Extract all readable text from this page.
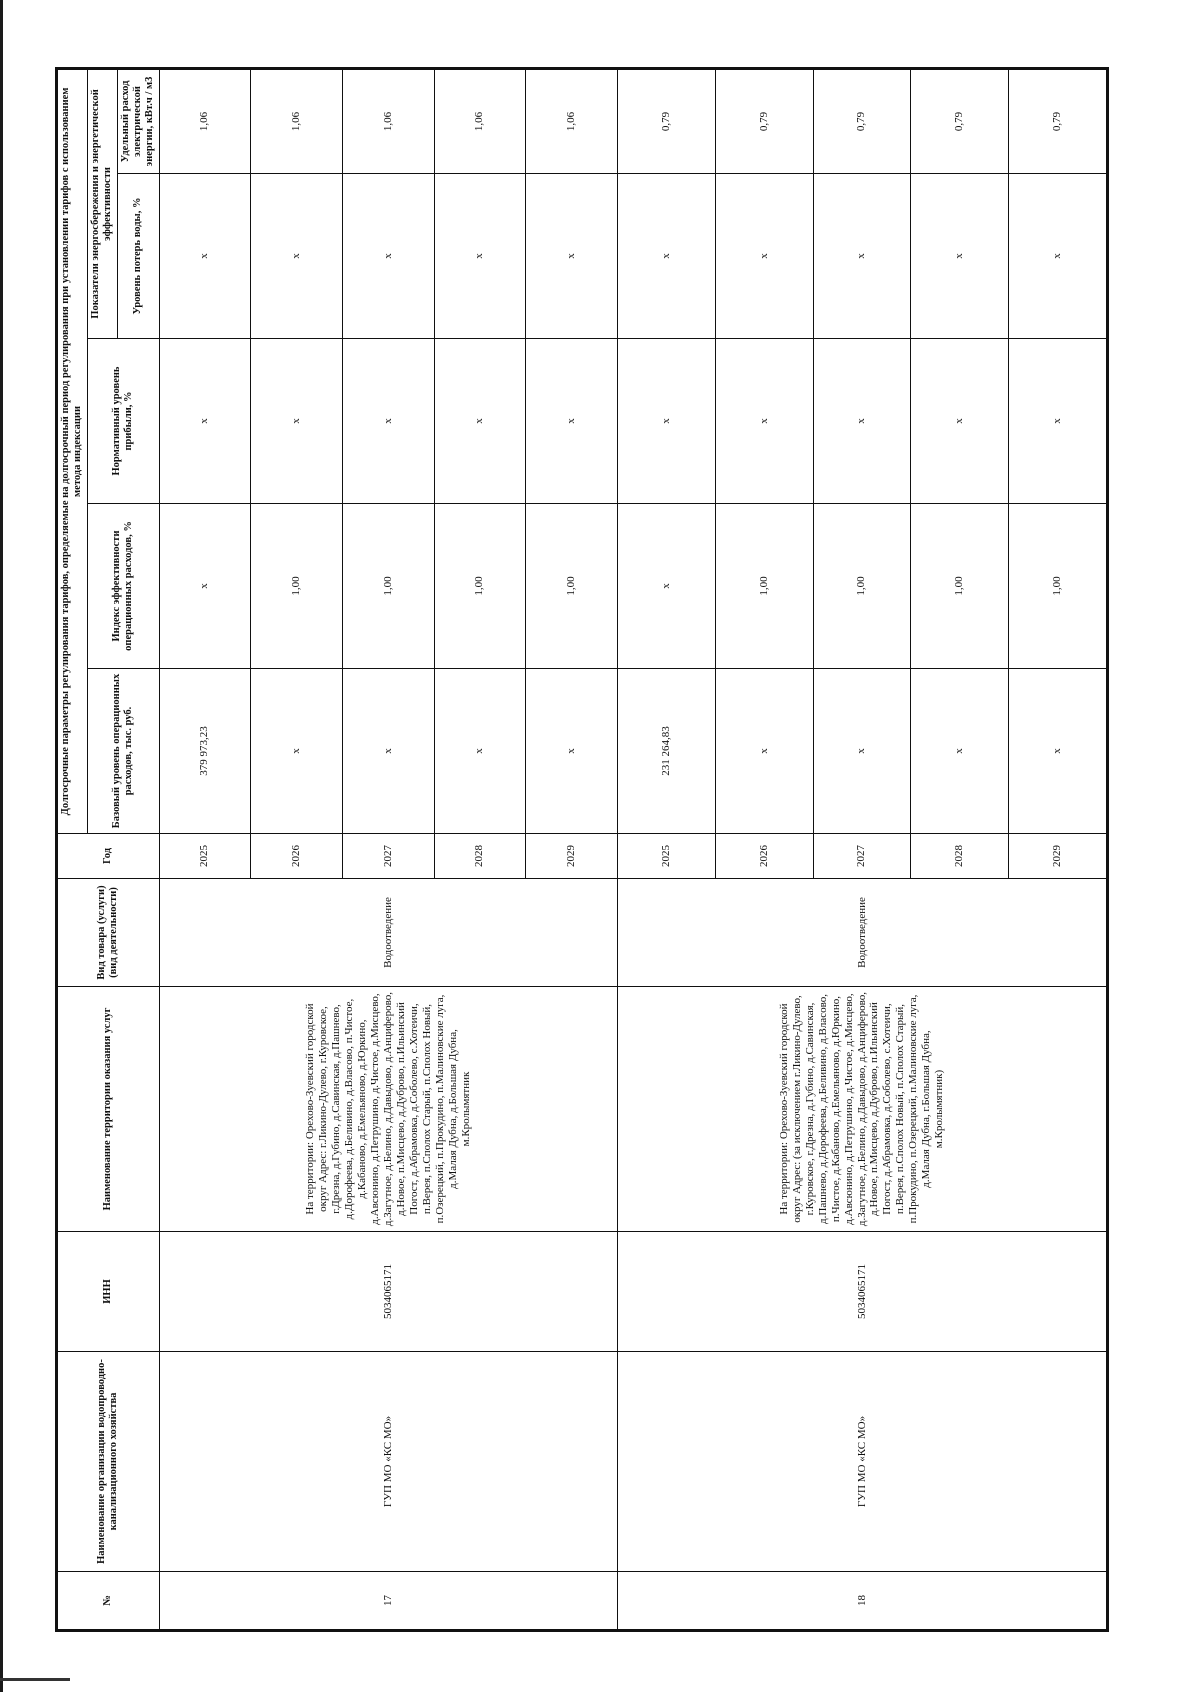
№	Наименование организации водопроводно-канализационного хозяйства	ИНН	Наименование территории оказания услуг	Вид товара (услуги) (вид деятельности)	Год	Долгосрочные параметры регулирования тарифов, определяемые на долгосрочный период регулирования при установлении тарифов с использованием метода индексации				
						Базовый уровень операционных расходов, тыс. руб.	Индекс эффективности операционных расходов, %	Нормативный уровень прибыли, %	Показатели энергосбережения и энергетической эффективности	
									Уровень потерь воды, %	Удельный расход электрической энергии, кВт.ч / м3
17	ГУП МО «КС МО»	5034065171	На территории: Орехово-Зуевский городской округ Адрес: г.Ликино-Дулево, г.Куровское, г.Дрезна, д.Губино, д.Савинская, д.Пашнево, д.Дорофеева, д.Беливино, д.Власово, п.Чистое, д.Кабаново, д.Емельяново, д.Юркино, д.Авсюнино, д.Петрушино, д.Чистое, д.Мисцево, д.Загутное, д.Белино, д.Давыдово, д.Анциферово, д.Новое, п.Мисцево, д.Дуброво, п.Ильинский Погост, д.Абрамовка, д.Соболево, с.Хотеичи, п.Верея, п.Сполох Старый, п.Сполох Новый, п.Озерецкий, п.Прокудино, п.Малиновские луга, д.Малая Дубна, д.Большая Дубна, м.Кролымятник	Водоотведение	2025	379 973,23	х	х	х	1,06
					2026	х	1,00	х	х	1,06
					2027	х	1,00	х	х	1,06
					2028	х	1,00	х	х	1,06
					2029	х	1,00	х	х	1,06
18	ГУП МО «КС МО»	5034065171	На территории: Орехово-Зуевский городской округ Адрес: (за исключением г.Ликино-Дулево, г.Куровское, г.Дрезна, д.Губино, д.Савинская, д.Пашнево, д.Дорофеева, д.Беливино, д.Власово, п.Чистое, д.Кабаново, д.Емельяново, д.Юркино, д.Авсюнино, д.Петрушино, д.Чистое, д.Мисцево, д.Загутное, д.Белино, д.Давыдово, д.Анциферово, д.Новое, п.Мисцево, д.Дуброво, п.Ильинский Погост, д.Абрамовка, д.Соболево, с.Хотеичи, п.Верея, п.Сполох Новый, п.Сполох Старый, п.Прокудино, п.Озерецкий, п.Малиновские луга, д.Малая Дубна, г.Большая Дубна, м.Кролымятник)	Водоотведение	2025	231 264,83	х	х	х	0,79
					2026	х	1,00	х	х	0,79
					2027	х	1,00	х	х	0,79
					2028	х	1,00	х	х	0,79
					2029	х	1,00	х	х	0,79
